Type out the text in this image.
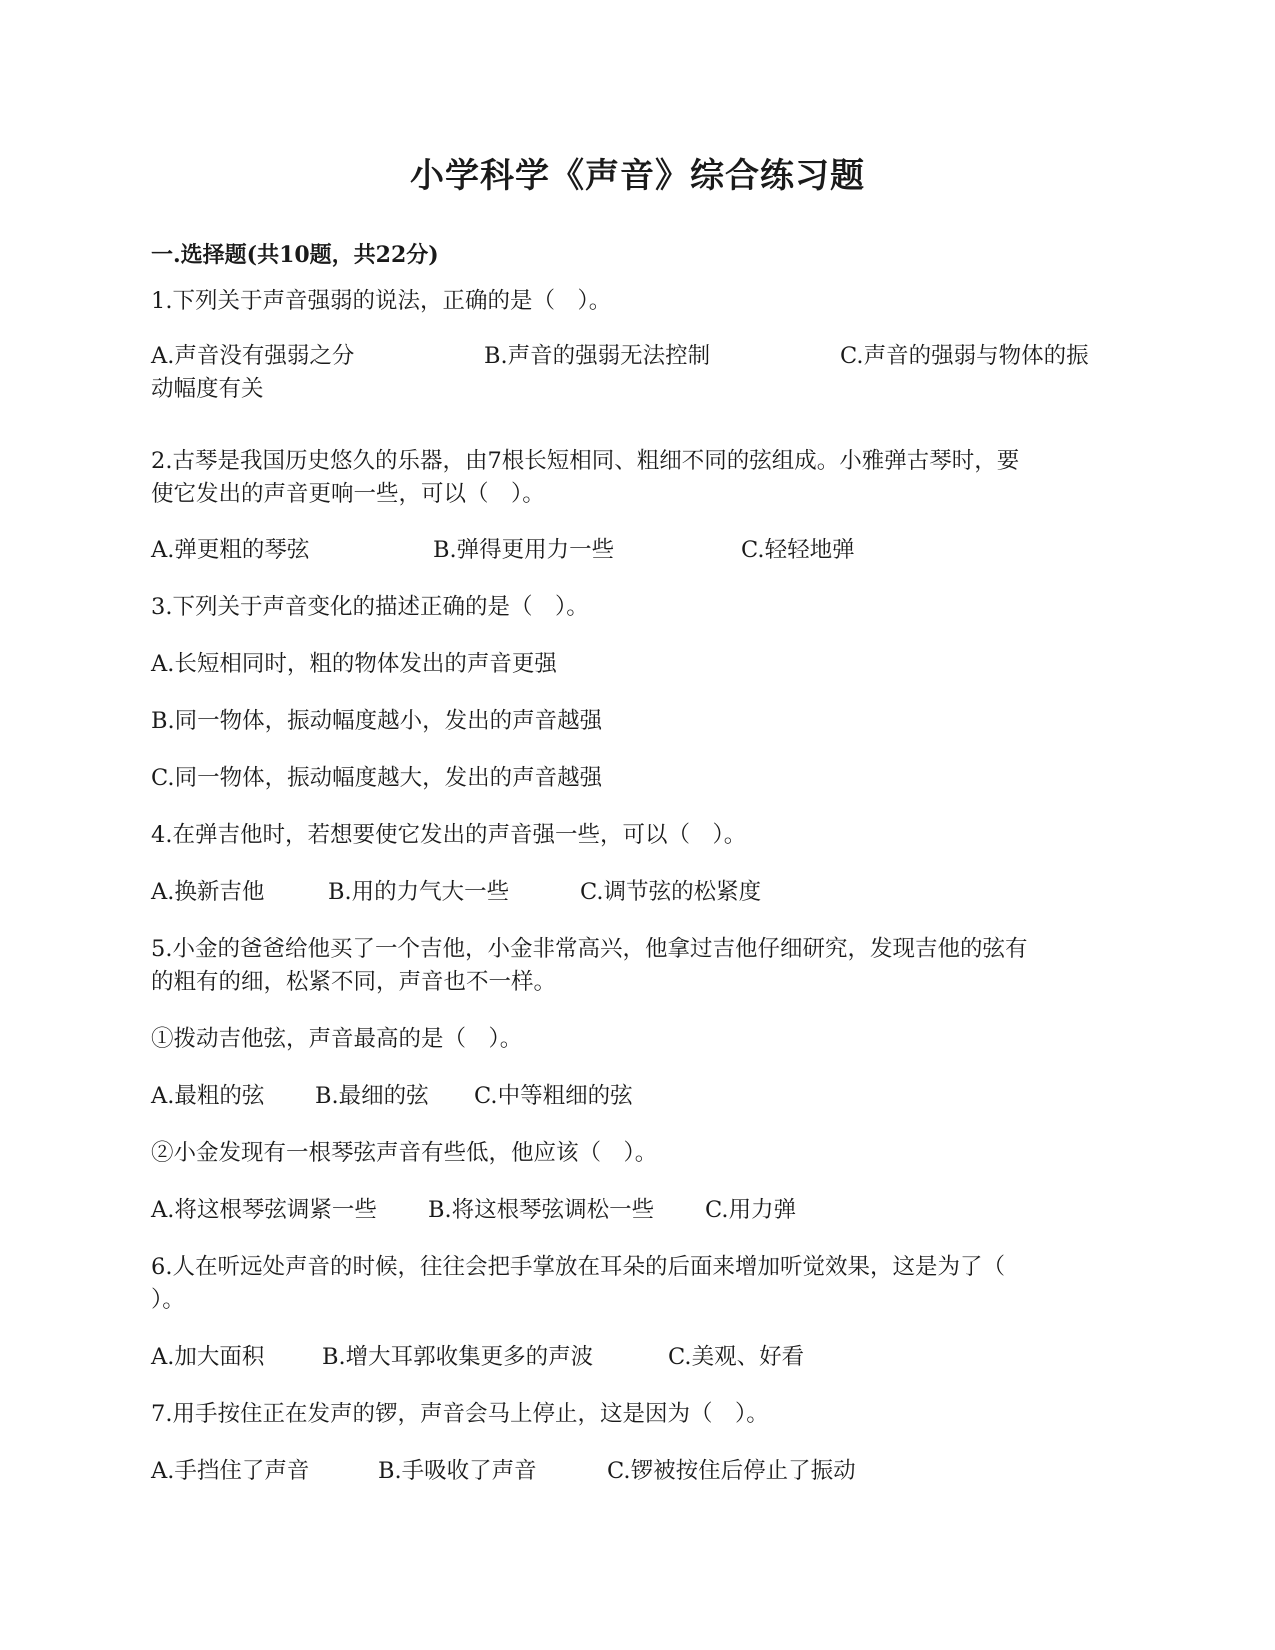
小学科学《声音》综合练习题
一.选择题(共10题，共22分)
1.下列关于声音强弱的说法，正确的是（　）。
A.声音没有强弱之分	B.声音的强弱无法控制	C.声音的强弱与物体的振
动幅度有关
2.古琴是我国历史悠久的乐器，由7根长短相同、粗细不同的弦组成。小雅弹古琴时，要
使它发出的声音更响一些，可以（　）。
A.弹更粗的琴弦	B.弹得更用力一些	C.轻轻地弹
3.下列关于声音变化的描述正确的是（　）。
A.长短相同时，粗的物体发出的声音更强
B.同一物体，振动幅度越小，发出的声音越强
C.同一物体，振动幅度越大，发出的声音越强
4.在弹吉他时，若想要使它发出的声音强一些，可以（　）。
A.换新吉他	B.用的力气大一些	C.调节弦的松紧度
5.小金的爸爸给他买了一个吉他，小金非常高兴，他拿过吉他仔细研究，发现吉他的弦有
的粗有的细，松紧不同，声音也不一样。
①拨动吉他弦，声音最高的是（　）。
A.最粗的弦 B.最细的弦 C.中等粗细的弦
②小金发现有一根琴弦声音有些低，他应该（　）。
A.将这根琴弦调紧一些 B.将这根琴弦调松一些 C.用力弹
6.人在听远处声音的时候，往往会把手掌放在耳朵的后面来增加听觉效果，这是为了（
）。
A.加大面积	B.增大耳郭收集更多的声波	C.美观、好看
7.用手按住正在发声的锣，声音会马上停止，这是因为（　）。
A.手挡住了声音	B.手吸收了声音	C.锣被按住后停止了振动
